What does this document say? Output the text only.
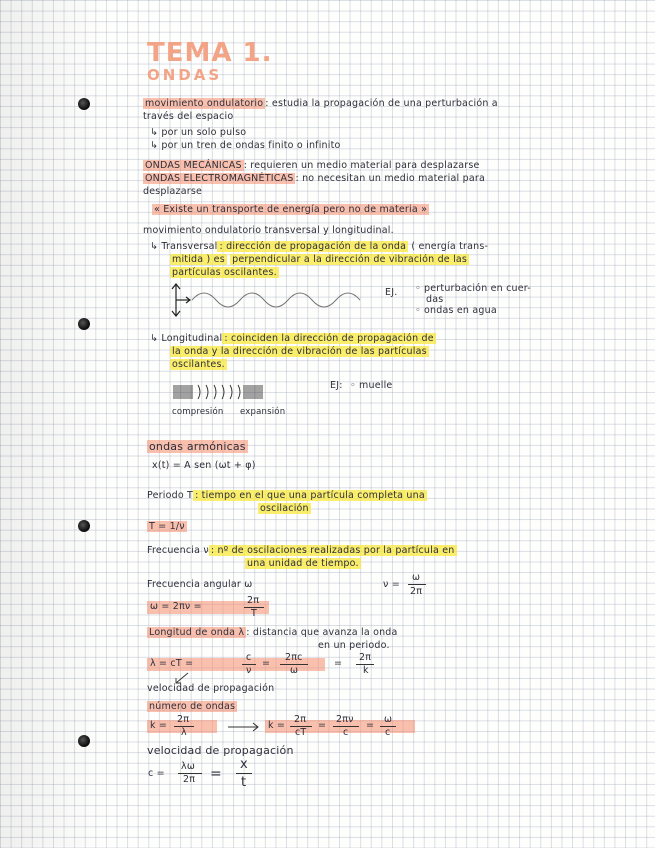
TEMA 1.
ONDAS
movimiento ondulatorio : estudia la propagación de una perturbación a
través del espacio
↳ por un solo pulso
↳ por un tren de ondas finito o infinito
ONDAS MECÁNICAS : requieren un medio material para desplazarse
ONDAS ELECTROMAGNÉTICAS : no necesitan un medio material para
desplazarse
« Existe un transporte de energía pero no de materia »
movimiento ondulatorio transversal y longitudinal.
↳ Transversal : dirección de propagación de la onda ( energía trans-
mitida ) es perpendicular a la dirección de vibración de las
partículas oscilantes.
EJ. ◦ perturbación en cuer-
das
◦ ondas en agua
↳ Longitudinal : coinciden la dirección de propagación de
la onda y la dirección de vibración de las partículas
oscilantes.
EJ: ◦ muelle
compresión expansión
ondas armónicas
x(t) = A sen (ωt + φ)
Periodo T : tiempo en el que una partícula completa una
oscilación
T = 1/ν
Frecuencia ν : nº de oscilaciones realizadas por la partícula en
una unidad de tiempo.
Frecuencia angular ω	ν =
ω
2π
ω = 2πν =
2π
T
Longitud de onda λ : distancia que avanza la onda
en un periodo.
λ = cT =
c
ν
=
2πc
ω
=
2π
k
velocidad de propagación
número de ondas
k =
2π
λ
k =
2π
cT
=
2πν
c
=
ω
c
velocidad de propagación
c =
λω
2π =
x
t
